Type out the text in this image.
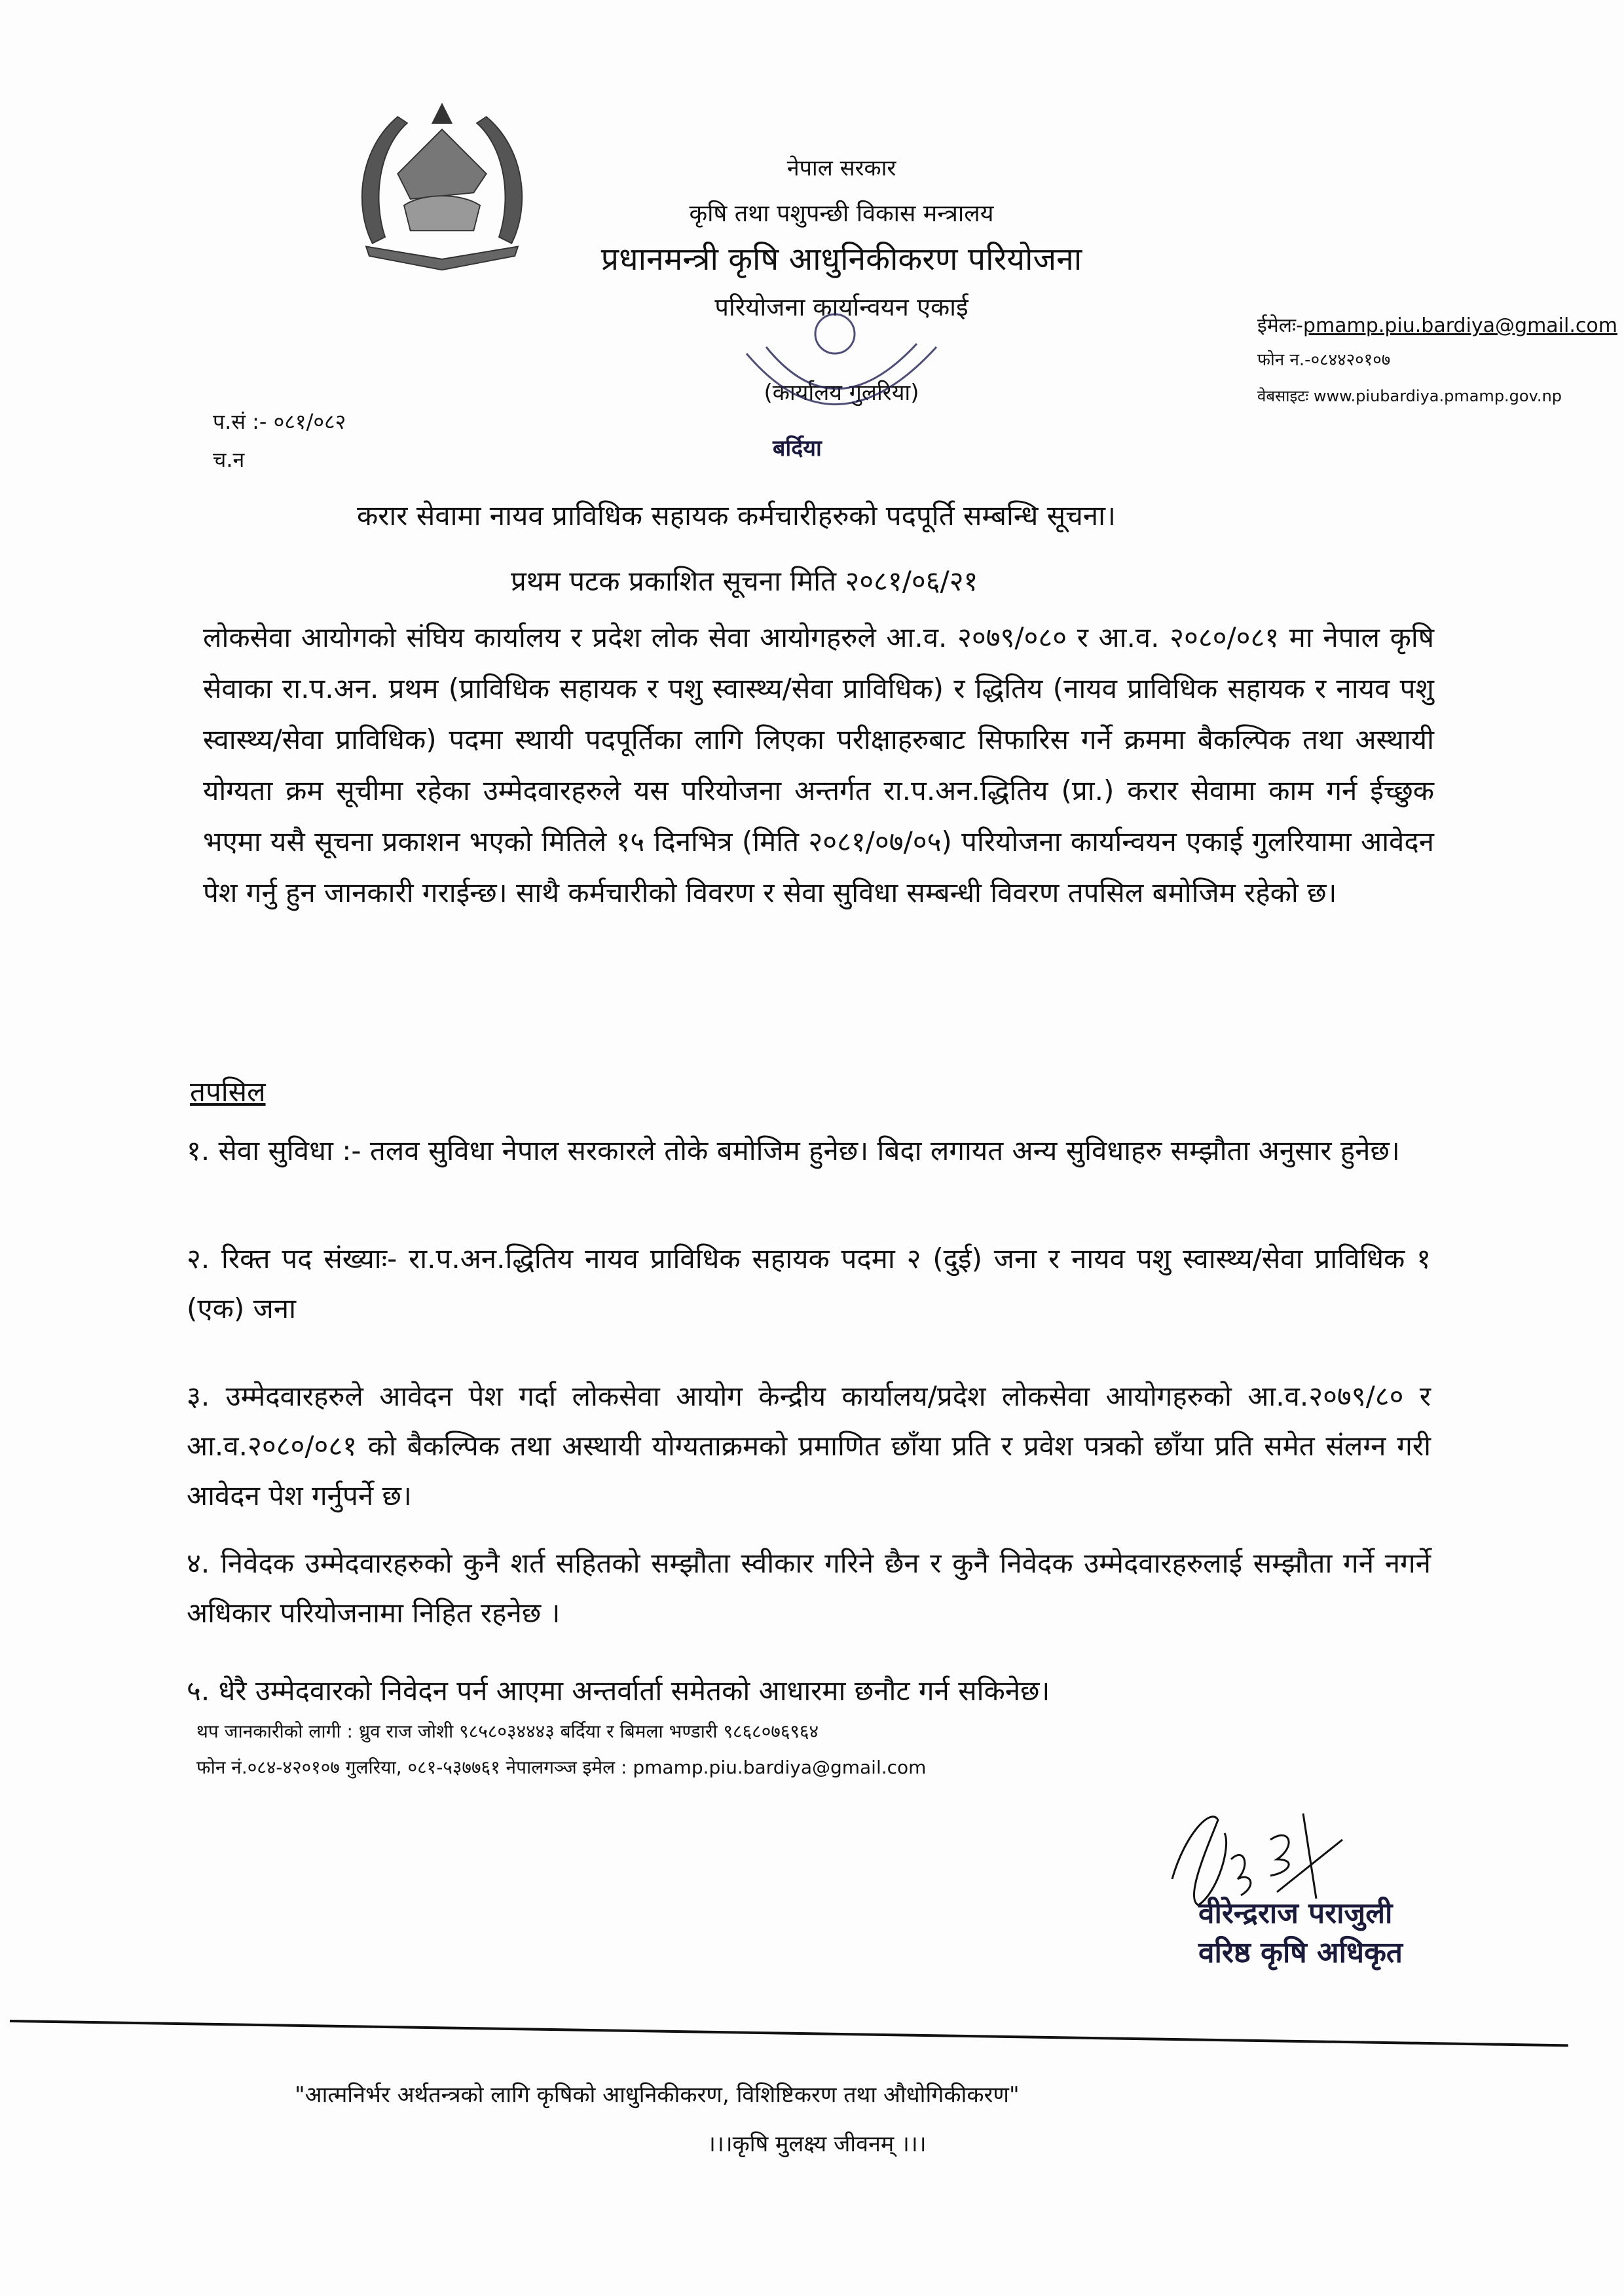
नेपाल सरकार
कृषि तथा पशुपन्छी विकास मन्त्रालय
प्रधानमन्त्री कृषि आधुनिकीकरण परियोजना
परियोजना कार्यान्वयन एकाई
(कार्यालय गुलरिया)
बर्दिया
ईमेलः-pmamp.piu.bardiya@gmail.com
फोन न.-०८४४२०१०७
वेबसाइटः www.piubardiya.pmamp.gov.np
प.सं :- ०८१/०८२
च.न
करार सेवामा नायव प्राविधिक सहायक कर्मचारीहरुको पदपूर्ति सम्बन्धि सूचना।
प्रथम पटक प्रकाशित सूचना मिति २०८१/०६/२१
लोकसेवा आयोगको संघिय कार्यालय र प्रदेश लोक सेवा आयोगहरुले आ.व. २०७९/०८० र आ.व. २०८०/०८१ मा नेपाल कृषि सेवाका रा.प.अन. प्रथम (प्राविधिक सहायक र पशु स्वास्थ्य/सेवा प्राविधिक) र द्धितिय (नायव प्राविधिक सहायक र नायव पशु स्वास्थ्य/सेवा प्राविधिक) पदमा स्थायी पदपूर्तिका लागि लिएका परीक्षाहरुबाट सिफारिस गर्ने क्रममा बैकल्पिक तथा अस्थायी योग्यता क्रम सूचीमा रहेका उम्मेदवारहरुले यस परियोजना अन्तर्गत रा.प.अन.द्धितिय (प्रा.) करार सेवामा काम गर्न ईच्छुक भएमा यसै सूचना प्रकाशन भएको मितिले १५ दिनभित्र (मिति २०८१/०७/०५) परियोजना कार्यान्वयन एकाई गुलरियामा आवेदन पेश गर्नु हुन जानकारी गराईन्छ। साथै कर्मचारीको विवरण र सेवा सुविधा सम्बन्धी विवरण तपसिल बमोजिम रहेको छ।
तपसिल
१. सेवा सुविधा :- तलव सुविधा नेपाल सरकारले तोके बमोजिम हुनेछ। बिदा लगायत अन्य सुविधाहरु सम्झौता अनुसार हुनेछ।
२. रिक्त पद संख्याः- रा.प.अन.द्धितिय नायव प्राविधिक सहायक पदमा २ (दुई) जना र नायव पशु स्वास्थ्य/सेवा प्राविधिक १ (एक) जना
३. उम्मेदवारहरुले आवेदन पेश गर्दा लोकसेवा आयोग केन्द्रीय कार्यालय/प्रदेश लोकसेवा आयोगहरुको आ.व.२०७९/८० र आ.व.२०८०/०८१ को बैकल्पिक तथा अस्थायी योग्यताक्रमको प्रमाणित छाँया प्रति र प्रवेश पत्रको छाँया प्रति समेत संलग्न गरी आवेदन पेश गर्नुपर्ने छ।
४. निवेदक उम्मेदवारहरुको कुनै शर्त सहितको सम्झौता स्वीकार गरिने छैन र कुनै निवेदक उम्मेदवारहरुलाई सम्झौता गर्ने नगर्ने अधिकार परियोजनामा निहित रहनेछ ।
५. धेरै उम्मेदवारको निवेदन पर्न आएमा अन्तर्वार्ता समेतको आधारमा छनौट गर्न सकिनेछ।
थप जानकारीको लागी : ध्रुव राज जोशी ९८५८०३४४४३ बर्दिया र बिमला भण्डारी ९८६८०७६९६४
फोन नं.०८४-४२०१०७ गुलरिया, ०८१-५३७७६१ नेपालगञ्ज इमेल : pmamp.piu.bardiya@gmail.com
वीरेन्द्रराज पराजुली
वरिष्ठ कृषि अधिकृत
"आत्मनिर्भर अर्थतन्त्रको लागि कृषिको आधुनिकीकरण, विशिष्टिकरण तथा औधोगिकीकरण"
।।।कृषि मुलक्ष्य जीवनम् ।।।
